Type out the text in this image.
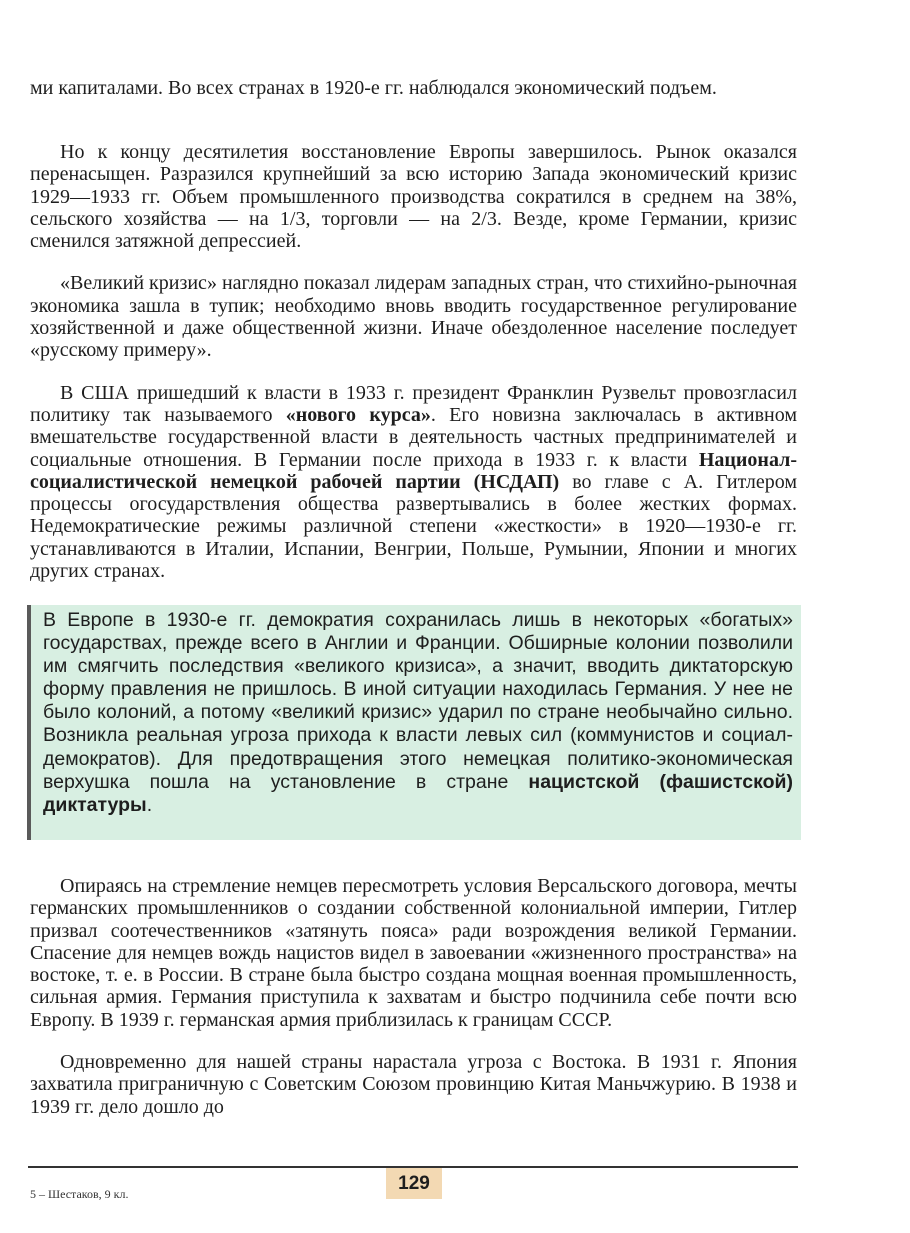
ми капиталами. Во всех странах в 1920-е гг. наблюдался экономический подъем.

Но к концу десятилетия восстановление Европы завершилось. Рынок оказался перенасыщен. Разразился крупнейший за всю историю Запада экономический кризис 1929—1933 гг. Объем промышленного производства сократился в среднем на 38%, сельского хозяйства — на 1/3, торговли — на 2/3. Везде, кроме Германии, кризис сменился затяжной депрессией.

«Великий кризис» наглядно показал лидерам западных стран, что стихийно-рыночная экономика зашла в тупик; необходимо вновь вводить государственное регулирование хозяйственной и даже общественной жизни. Иначе обездоленное население последует «русскому примеру».

В США пришедший к власти в 1933 г. президент Франклин Рузвельт провозгласил политику так называемого «нового курса». Его новизна заключалась в активном вмешательстве государственной власти в деятельность частных предпринимателей и социальные отношения. В Германии после прихода в 1933 г. к власти Национал-социалистической немецкой рабочей партии (НСДАП) во главе с А. Гитлером процессы огосударствления общества развертывались в более жестких формах. Недемократические режимы различной степени «жесткости» в 1920—1930-е гг. устанавливаются в Италии, Испании, Венгрии, Польше, Румынии, Японии и многих других странах.

В Европе в 1930-е гг. демократия сохранилась лишь в некоторых «богатых» государствах, прежде всего в Англии и Франции. Обширные колонии позволили им смягчить последствия «великого кризиса», а значит, вводить диктаторскую форму правления не пришлось. В иной ситуации находилась Германия. У нее не было колоний, а потому «великий кризис» ударил по стране необычайно сильно. Возникла реальная угроза прихода к власти левых сил (коммунистов и социал-демократов). Для предотвращения этого немецкая политико-экономическая верхушка пошла на установление в стране нацистской (фашистской) диктатуры.

Опираясь на стремление немцев пересмотреть условия Версальского договора, мечты германских промышленников о создании собственной колониальной империи, Гитлер призвал соотечественников «затянуть пояса» ради возрождения великой Германии. Спасение для немцев вождь нацистов видел в завоевании «жизненного пространства» на востоке, т. е. в России. В стране была быстро создана мощная военная промышленность, сильная армия. Германия приступила к захватам и быстро подчинила себе почти всю Европу. В 1939 г. германская армия приблизилась к границам СССР.

Одновременно для нашей страны нарастала угроза с Востока. В 1931 г. Япония захватила приграничную с Советским Союзом провинцию Китая Маньчжурию. В 1938 и 1939 гг. дело дошло до

129
5 – Шестаков, 9 кл.
